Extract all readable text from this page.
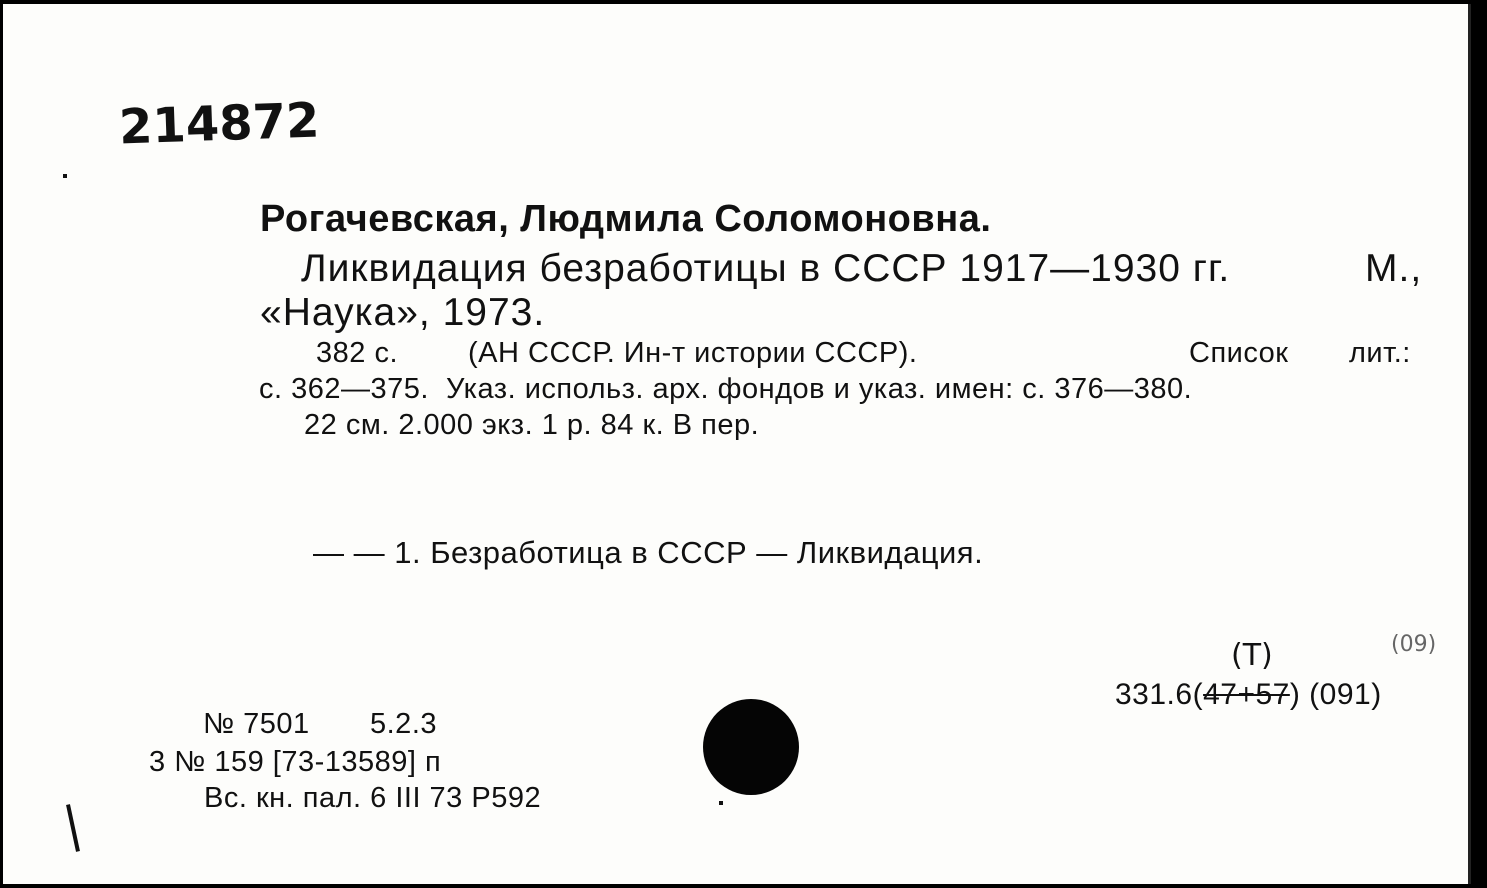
214872
Рогачевская, Людмила Соломоновна.
Ликвидация безработицы в СССР 1917—1930 гг.	М.,
«Наука», 1973.
382 с. (АН СССР. Ин-т истории СССР).	Список лит.:
с. 362—375.  Указ. использ. арх. фондов и указ. имен: с. 376—380.
22 см. 2.000 экз. 1 р. 84 к. В пер.
— — 1. Безработица в СССР — Ликвидация.
(Т)	(09)
331.6(47+57) (091)
№ 7501 5.2.3
3 № 159 [73-13589] п
Вс. кн. пал. 6 III 73 Р592
